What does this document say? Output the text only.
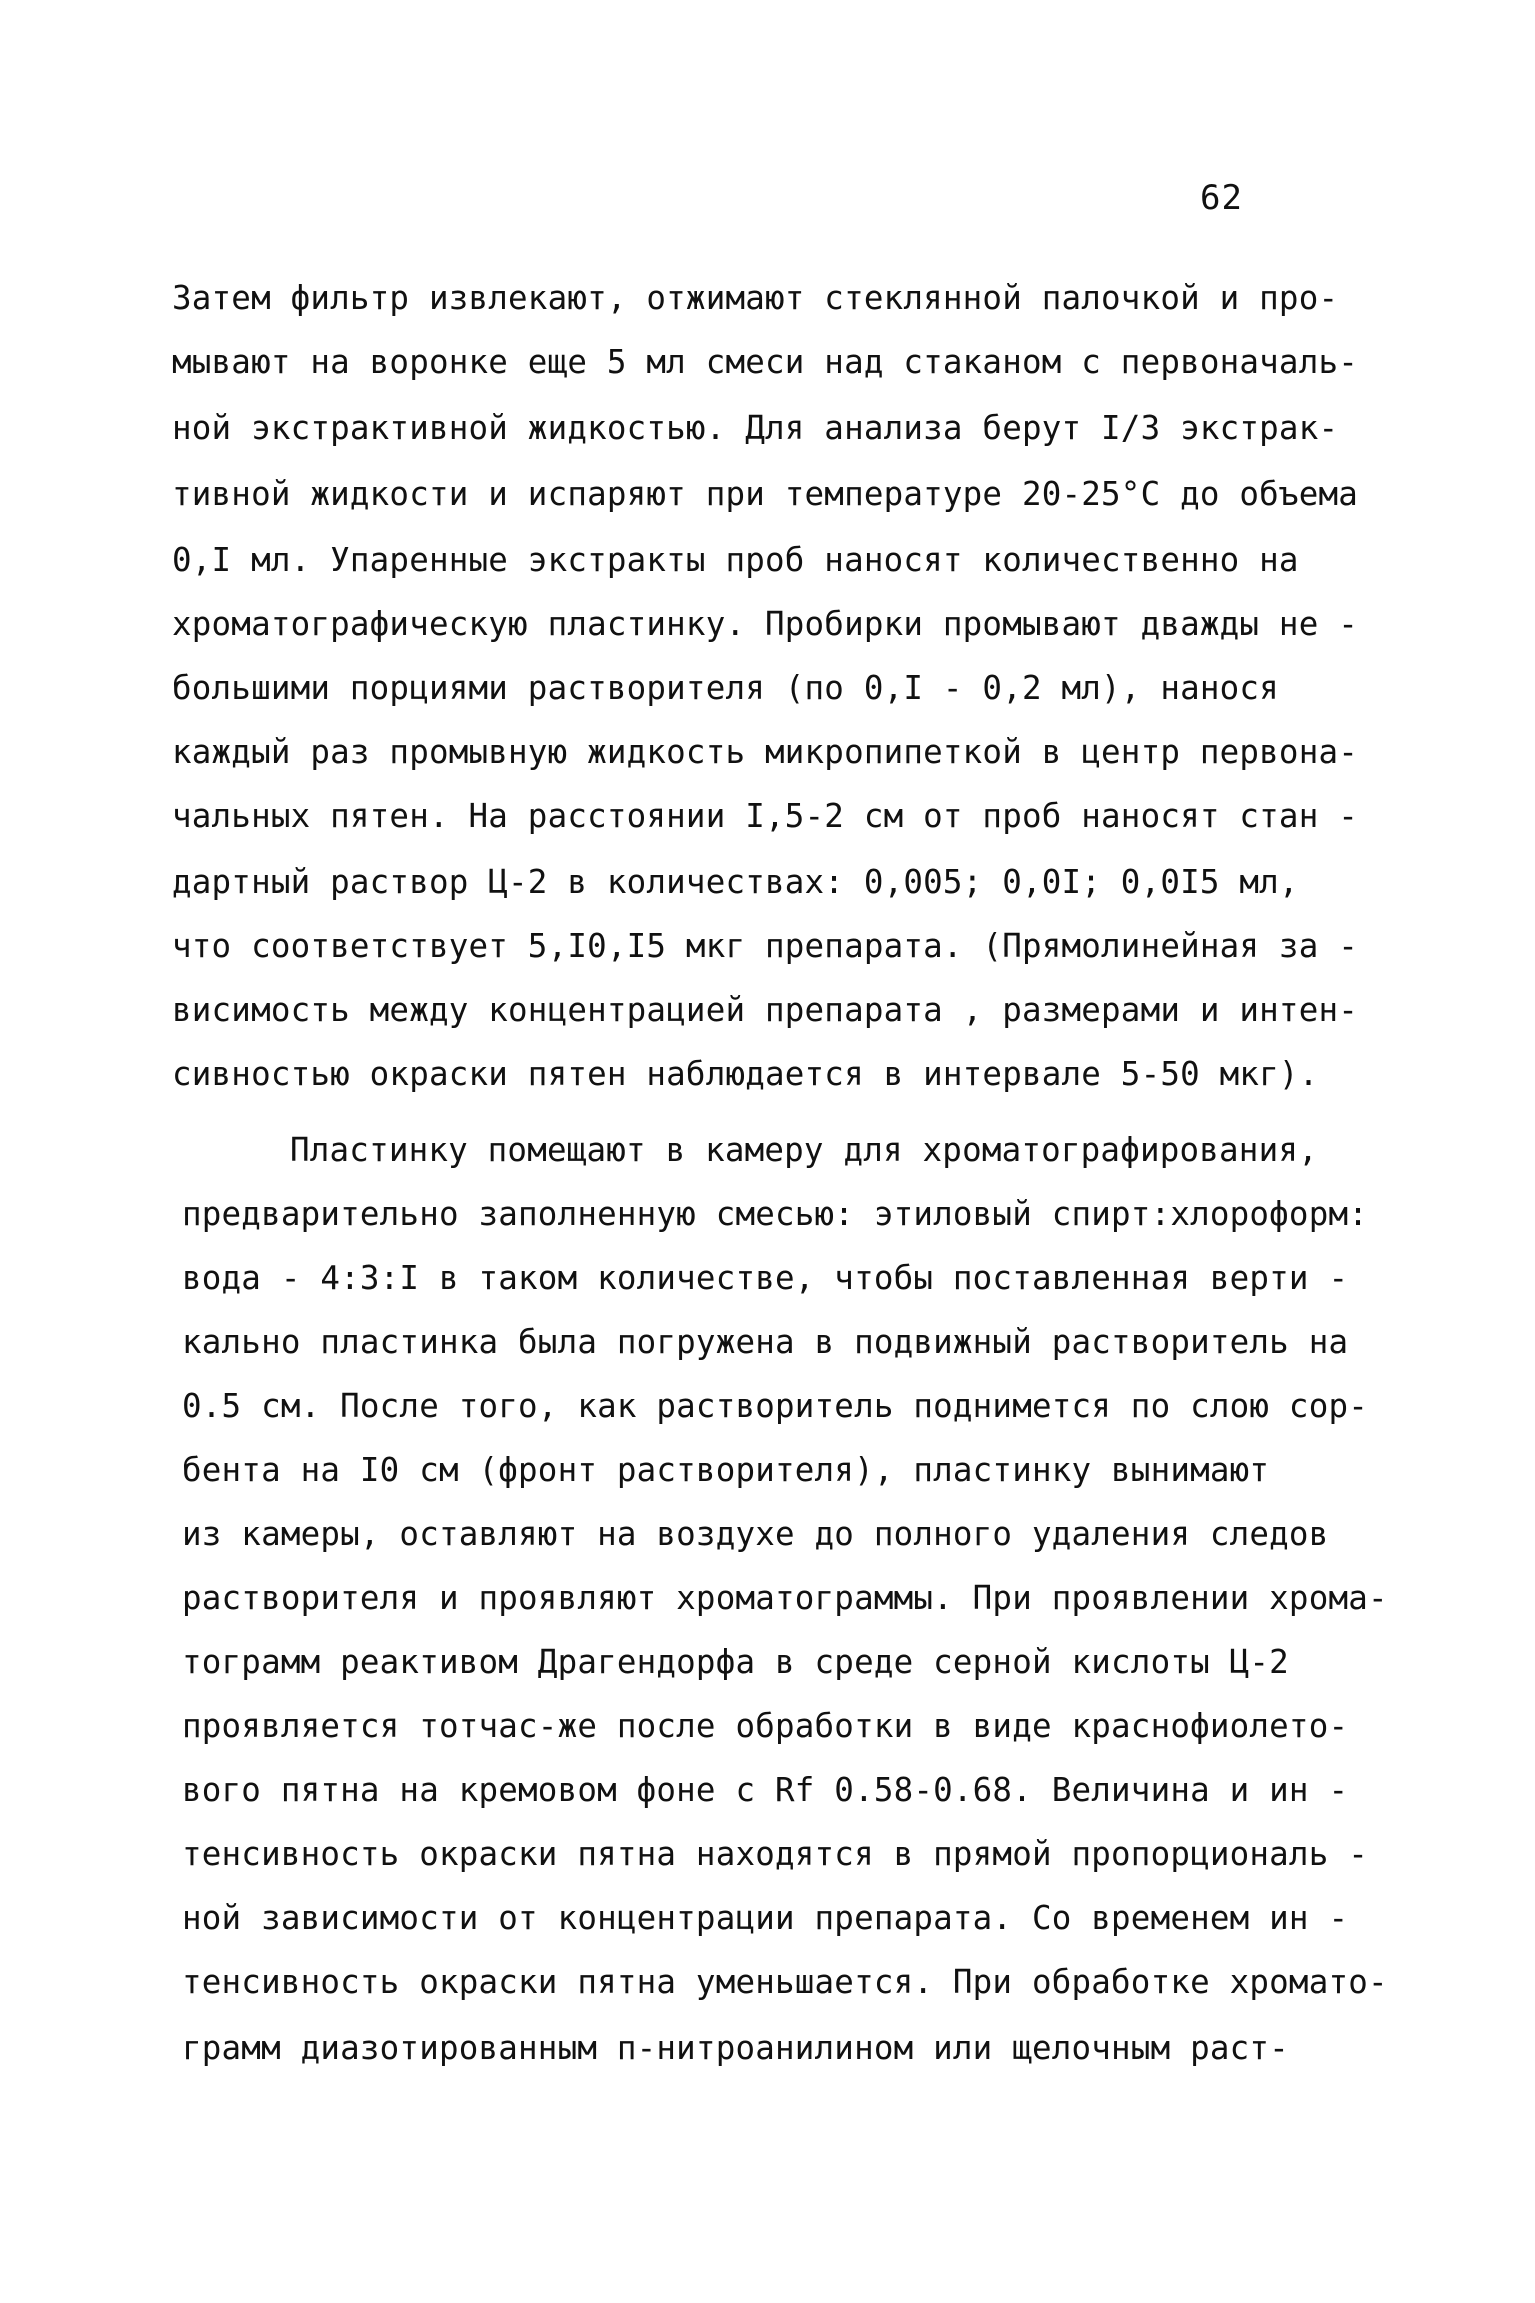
62
Затем фильтр извлекают, отжимают стеклянной палочкой и про-
мывают на воронке еще 5 мл смеси над стаканом с первоначаль-
ной экстрактивной жидкостью. Для анализа берут I/3 экстрак-
тивной жидкости и испаряют при температуре 20-25°С до объема
0,I мл. Упаренные экстракты проб наносят количественно на
хроматографическую пластинку. Пробирки промывают дважды не -
большими порциями растворителя (по 0,I - 0,2 мл), нанося
каждый раз промывную жидкость микропипеткой в центр первона-
чальных пятен. На расстоянии I,5-2 см от проб наносят стан -
дартный раствор Ц-2 в количествах: 0,005; 0,0I; 0,0I5 мл,
что соответствует 5,I0,I5 мкг препарата. (Прямолинейная за -
висимость между концентрацией препарата , размерами и интен-
сивностью окраски пятен наблюдается в интервале 5-50 мкг).
Пластинку помещают в камеру для хроматографирования,
предварительно заполненную смесью: этиловый спирт:хлороформ:
вода - 4:3:I в таком количестве, чтобы поставленная верти -
кально пластинка была погружена в подвижный растворитель на
0.5 см. После того, как растворитель поднимется по слою сор-
бента на I0 см (фронт растворителя), пластинку вынимают
из камеры, оставляют на воздухе до полного удаления следов
растворителя и проявляют хроматограммы. При проявлении хрома-
тограмм реактивом Драгендорфа в среде серной кислоты Ц-2
проявляется тотчас-же после обработки в виде краснофиолето-
вого пятна на кремовом фоне с Rf 0.58-0.68. Величина и ин -
тенсивность окраски пятна находятся в прямой пропорциональ -
ной зависимости от концентрации препарата. Со временем ин -
тенсивность окраски пятна уменьшается. При обработке хромато-
грамм диазотированным п-нитроанилином или щелочным раст-
